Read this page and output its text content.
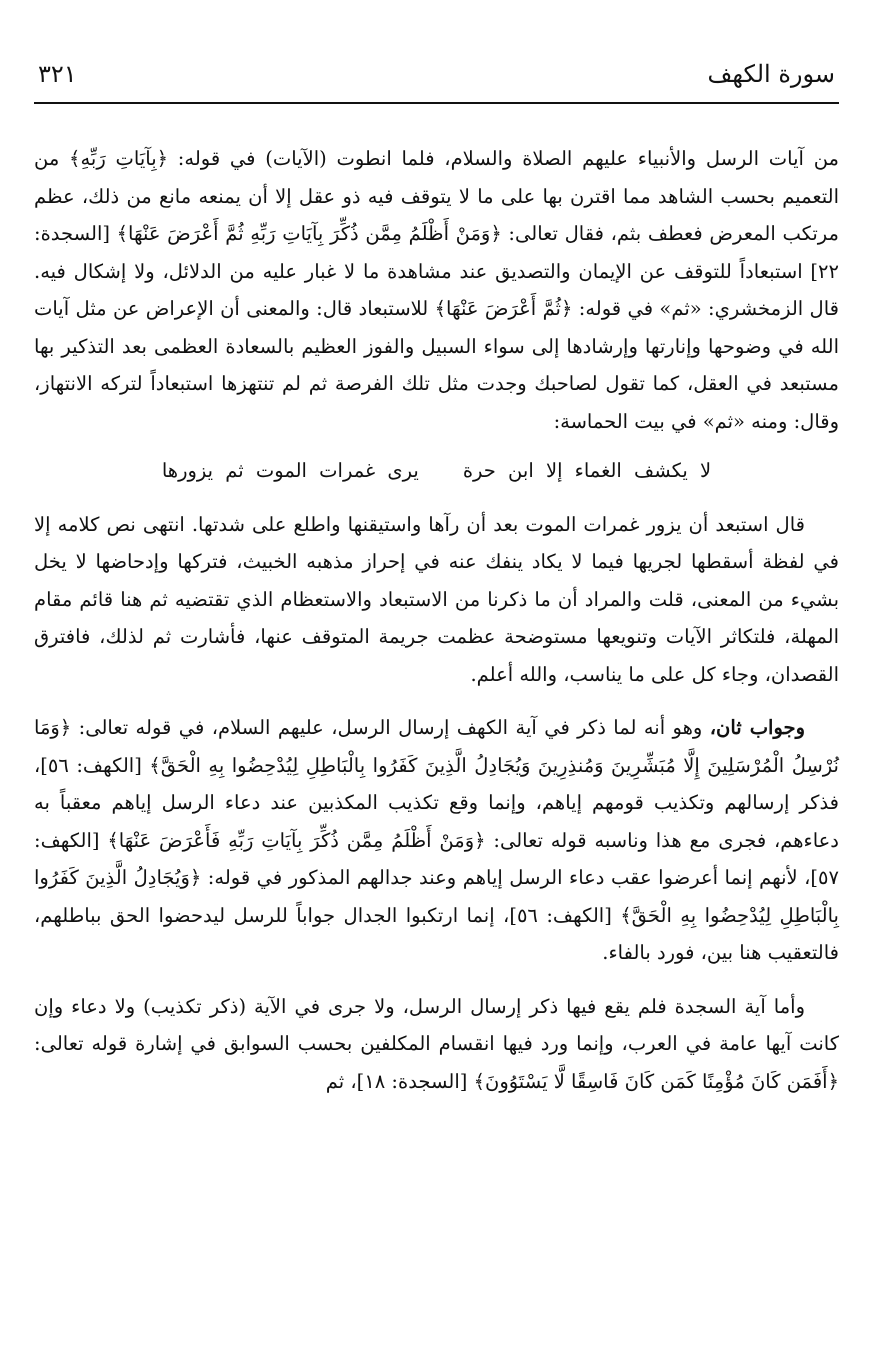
سورة الكهف
٣٢١

من آيات الرسل والأنبياء عليهم الصلاة والسلام، فلما انطوت (الآيات) في قوله: ﴿بِآيَاتِ رَبِّهِ﴾ من التعميم بحسب الشاهد مما اقترن بها على ما لا يتوقف فيه ذو عقل إلا أن يمنعه مانع من ذلك، عظم مرتكب المعرض فعطف بثم، فقال تعالى: ﴿وَمَنْ أَظْلَمُ مِمَّن ذُكِّرَ بِآيَاتِ رَبِّهِ ثُمَّ أَعْرَضَ عَنْهَا﴾ [السجدة: ٢٢] استبعاداً للتوقف عن الإيمان والتصديق عند مشاهدة ما لا غبار عليه من الدلائل، ولا إشكال فيه. قال الزمخشري: «ثم» في قوله: ﴿ثُمَّ أَعْرَضَ عَنْهَا﴾ للاستبعاد قال: والمعنى أن الإعراض عن مثل آيات الله في وضوحها وإنارتها وإرشادها إلى سواء السبيل والفوز العظيم بالسعادة العظمى بعد التذكير بها مستبعد في العقل، كما تقول لصاحبك وجدت مثل تلك الفرصة ثم لم تنتهزها استبعاداً لتركه الانتهاز، وقال: ومنه «ثم» في بيت الحماسة:

لا يكشف الغماء إلا ابن حرةيرى غمرات الموت ثم يزورها

قال استبعد أن يزور غمرات الموت بعد أن رآها واستيقنها واطلع على شدتها. انتهى نص كلامه إلا في لفظة أسقطها لجريها فيما لا يكاد ينفك عنه في إحراز مذهبه الخبيث، فتركها وإدحاضها لا يخل بشيء من المعنى، قلت والمراد أن ما ذكرنا من الاستبعاد والاستعظام الذي تقتضيه ثم هنا قائم مقام المهلة، فلتكاثر الآيات وتنويعها مستوضحة عظمت جريمة المتوقف عنها، فأشارت ثم لذلك، فافترق القصدان، وجاء كل على ما يناسب، والله أعلم.

وجواب ثان، وهو أنه لما ذكر في آية الكهف إرسال الرسل، عليهم السلام، في قوله تعالى: ﴿وَمَا نُرْسِلُ الْمُرْسَلِينَ إِلَّا مُبَشِّرِينَ وَمُنذِرِينَ وَيُجَادِلُ الَّذِينَ كَفَرُوا بِالْبَاطِلِ لِيُدْحِضُوا بِهِ الْحَقَّ﴾ [الكهف: ٥٦]، فذكر إرسالهم وتكذيب قومهم إياهم، وإنما وقع تكذيب المكذبين عند دعاء الرسل إياهم معقباً به دعاءهم، فجرى مع هذا وناسبه قوله تعالى: ﴿وَمَنْ أَظْلَمُ مِمَّن ذُكِّرَ بِآيَاتِ رَبِّهِ فَأَعْرَضَ عَنْهَا﴾ [الكهف: ٥٧]، لأنهم إنما أعرضوا عقب دعاء الرسل إياهم وعند جدالهم المذكور في قوله: ﴿وَيُجَادِلُ الَّذِينَ كَفَرُوا بِالْبَاطِلِ لِيُدْحِضُوا بِهِ الْحَقَّ﴾ [الكهف: ٥٦]، إنما ارتكبوا الجدال جواباً للرسل ليدحضوا الحق بباطلهم، فالتعقيب هنا بين، فورد بالفاء.

وأما آية السجدة فلم يقع فيها ذكر إرسال الرسل، ولا جرى في الآية (ذكر تكذيب) ولا دعاء وإن كانت آيها عامة في العرب، وإنما ورد فيها انقسام المكلفين بحسب السوابق في إشارة قوله تعالى: ﴿أَفَمَن كَانَ مُؤْمِنًا كَمَن كَانَ فَاسِقًا لَّا يَسْتَوُونَ﴾ [السجدة: ١٨]، ثم
